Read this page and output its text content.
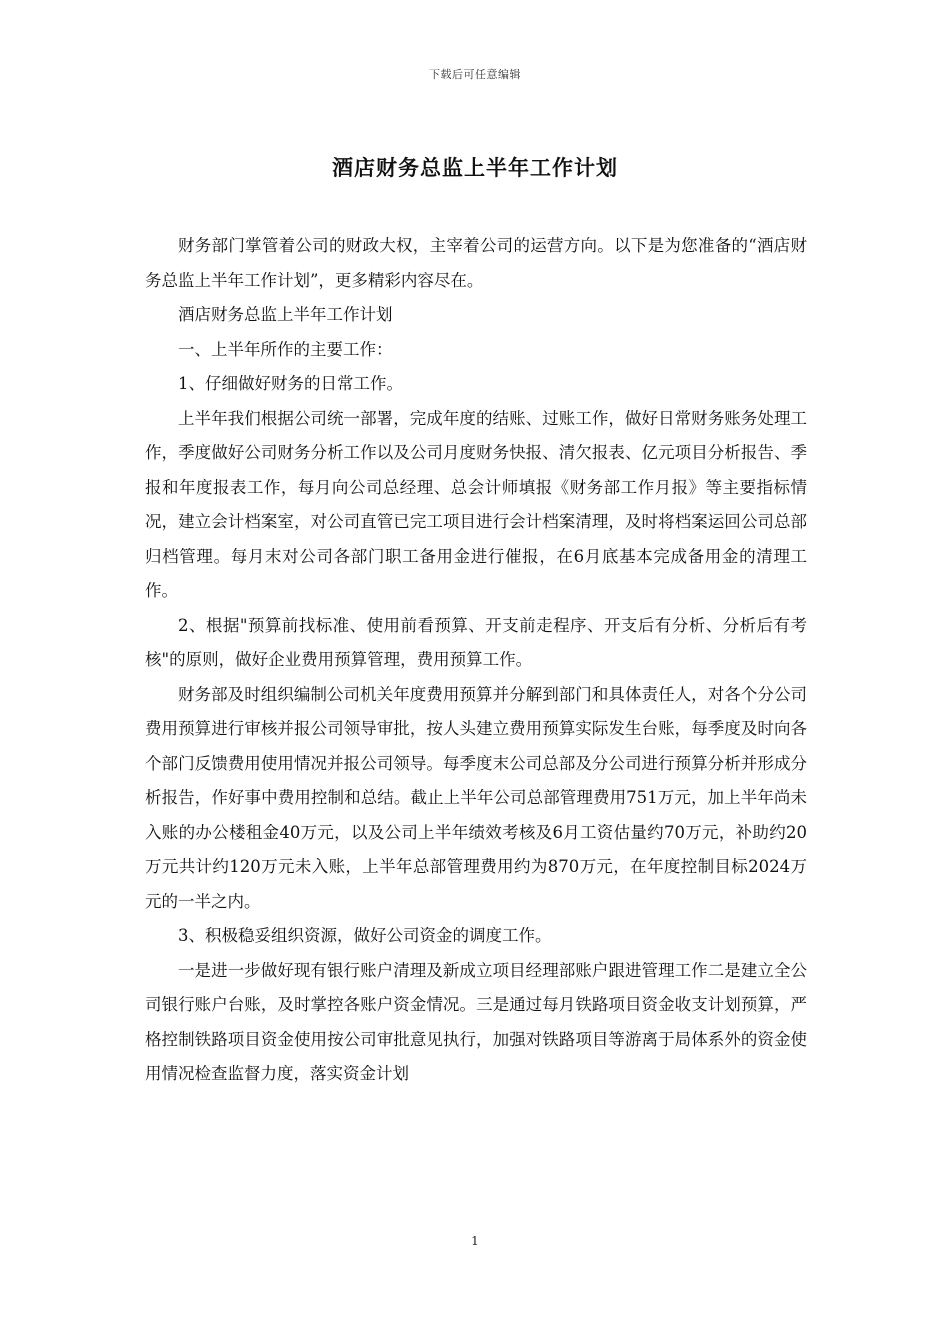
下载后可任意编辑
酒店财务总监上半年工作计划

财务部门掌管着公司的财政大权，主宰着公司的运营方向。以下是为您准备的“酒店财务总监上半年工作计划”，更多精彩内容尽在。

酒店财务总监上半年工作计划

一、上半年所作的主要工作：

1、仔细做好财务的日常工作。

上半年我们根据公司统一部署，完成年度的结账、过账工作，做好日常财务账务处理工作，季度做好公司财务分析工作以及公司月度财务快报、清欠报表、亿元项目分析报告、季报和年度报表工作，每月向公司总经理、总会计师填报《财务部工作月报》等主要指标情况，建立会计档案室，对公司直管已完工项目进行会计档案清理，及时将档案运回公司总部归档管理。每月末对公司各部门职工备用金进行催报，在6月底基本完成备用金的清理工作。

2、根据"预算前找标准、使用前看预算、开支前走程序、开支后有分析、分析后有考核"的原则，做好企业费用预算管理，费用预算工作。

财务部及时组织编制公司机关年度费用预算并分解到部门和具体责任人，对各个分公司费用预算进行审核并报公司领导审批，按人头建立费用预算实际发生台账，每季度及时向各个部门反馈费用使用情况并报公司领导。每季度末公司总部及分公司进行预算分析并形成分析报告，作好事中费用控制和总结。截止上半年公司总部管理费用751万元，加上半年尚未入账的办公楼租金40万元，以及公司上半年绩效考核及6月工资估量约70万元，补助约20万元共计约120万元未入账，上半年总部管理费用约为870万元，在年度控制目标2024万元的一半之内。

3、积极稳妥组织资源，做好公司资金的调度工作。

一是进一步做好现有银行账户清理及新成立项目经理部账户跟进管理工作二是建立全公司银行账户台账，及时掌控各账户资金情况。三是通过每月铁路项目资金收支计划预算，严格控制铁路项目资金使用按公司审批意见执行，加强对铁路项目等游离于局体系外的资金使用情况检查监督力度，落实资金计划

1
